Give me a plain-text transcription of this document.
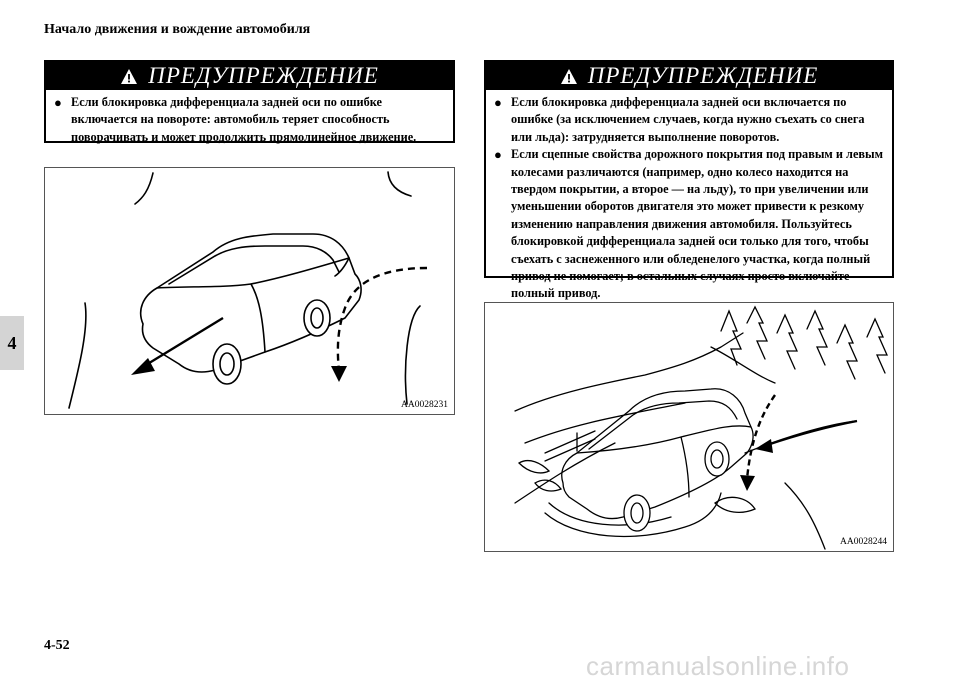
Начало движения и вождение автомобиля
4
ПРЕДУПРЕЖДЕНИЕ
● Если блокировка дифференциала задней оси по ошибке включается на повороте: автомобиль теряет способность поворачивать и может продолжить прямолинейное движение.
ПРЕДУПРЕЖДЕНИЕ
● Если блокировка дифференциала задней оси включается по ошибке (за исключением случаев, когда нужно съехать со снега или льда): затрудняется выполнение поворотов.
● Если сцепные свойства дорожного покрытия под правым и левым колесами различаются (например, одно колесо находится на твердом покрытии, а второе — на льду), то при увеличении или уменьшении оборотов двигателя это может привести к резкому изменению направления движения автомобиля. Пользуйтесь блокировкой дифференциала задней оси только для того, чтобы съехать с заснеженного или обледенелого участка, когда полный привод не помогает; в остальных случаях просто включайте полный привод.
AA0028231
AA0028244
4-52
carmanualsonline.info
